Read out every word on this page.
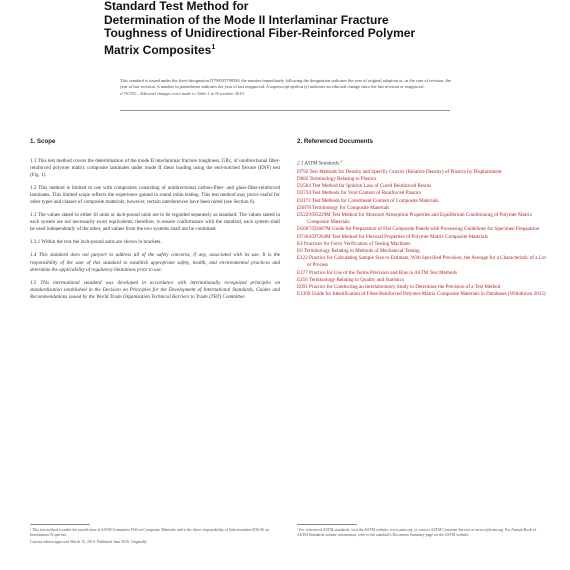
Standard Test Method for
Determination of the Mode II Interlaminar Fracture
Toughness of Unidirectional Fiber-Reinforced Polymer
Matrix Composites$^1$
This standard is issued under the fixed designation D7905/D7905M; the number immediately following the designation indicates the year of original adoption or, in the case of revision, the year of last revision. A number in parentheses indicates the year of last reapproval. A superscript epsilon (ε) indicates an editorial change since the last revision or reapproval.
ε¹ NOTE—Editorial changes were made to Table 1 in November 2019.
1. Scope
1.1 This test method covers the determination of the mode II interlaminar fracture toughness, GIIc, of unidirectional fiber-reinforced polymer matrix composite laminates under mode II shear loading using the end-notched flexure (ENF) test (Fig. 1).
1.2 This method is limited to use with composites consisting of unidirectional carbon-fiber- and glass-fiber-reinforced laminates. This limited scope reflects the experience gained in round robin testing. This test method may prove useful for other types and classes of composite materials; however, certain interferences have been noted (see Section 6).
1.3 The values stated in either SI units or inch-pound units are to be regarded separately as standard. The values stated in each system are not necessarily exact equivalents; therefore, to ensure conformance with the standard, each system shall be used independently of the other, and values from the two systems shall not be combined.
1.3.1 Within the text the inch-pound units are shown in brackets.
1.4 This standard does not purport to address all of the safety concerns, if any, associated with its use. It is the responsibility of the user of this standard to establish appropriate safety, health, and environmental practices and determine the applicability of regulatory limitations prior to use.
1.5 This international standard was developed in accordance with internationally recognized principles on standardization established in the Decision on Principles for the Development of International Standards, Guides and Recommendations issued by the World Trade Organization Technical Barriers to Trade (TBT) Committee.
2. Referenced Documents
2.1 ASTM Standards:$^2$
D792 Test Methods for Density and Specific Gravity (Relative Density) of Plastics by Displacement
D883 Terminology Relating to Plastics
D2584 Test Method for Ignition Loss of Cured Reinforced Resins
D2734 Test Methods for Void Content of Reinforced Plastics
D3171 Test Methods for Constituent Content of Composite Materials
D3878 Terminology for Composite Materials
D5229/D5229M Test Method for Moisture Absorption Properties and Equilibrium Conditioning of Polymer Matrix Composite Materials
D5687/D5687M Guide for Preparation of Flat Composite Panels with Processing Guidelines for Specimen Preparation
D7264/D7264M Test Method for Flexural Properties of Polymer Matrix Composite Materials
E4 Practices for Force Verification of Testing Machines
E6 Terminology Relating to Methods of Mechanical Testing
E122 Practice for Calculating Sample Size to Estimate, With Specified Precision, the Average for a Characteristic of a Lot or Process
E177 Practice for Use of the Terms Precision and Bias in ASTM Test Methods
E456 Terminology Relating to Quality and Statistics
E691 Practice for Conducting an Interlaboratory Study to Determine the Precision of a Test Method
E1309 Guide for Identification of Fiber-Reinforced Polymer-Matrix Composite Materials in Databases (Withdrawn 2015)
¹ This test method is under the jurisdiction of ASTM Committee D30 on Composite Materials and is the direct responsibility of Subcommittee D30.06 on Interlaminar Properties.
Current edition approved March 15, 2019. Published June 2019. Originally
² For referenced ASTM standards, visit the ASTM website, www.astm.org, or contact ASTM Customer Service at service@astm.org. For Annual Book of ASTM Standards volume information, refer to the standard's Document Summary page on the ASTM website.
